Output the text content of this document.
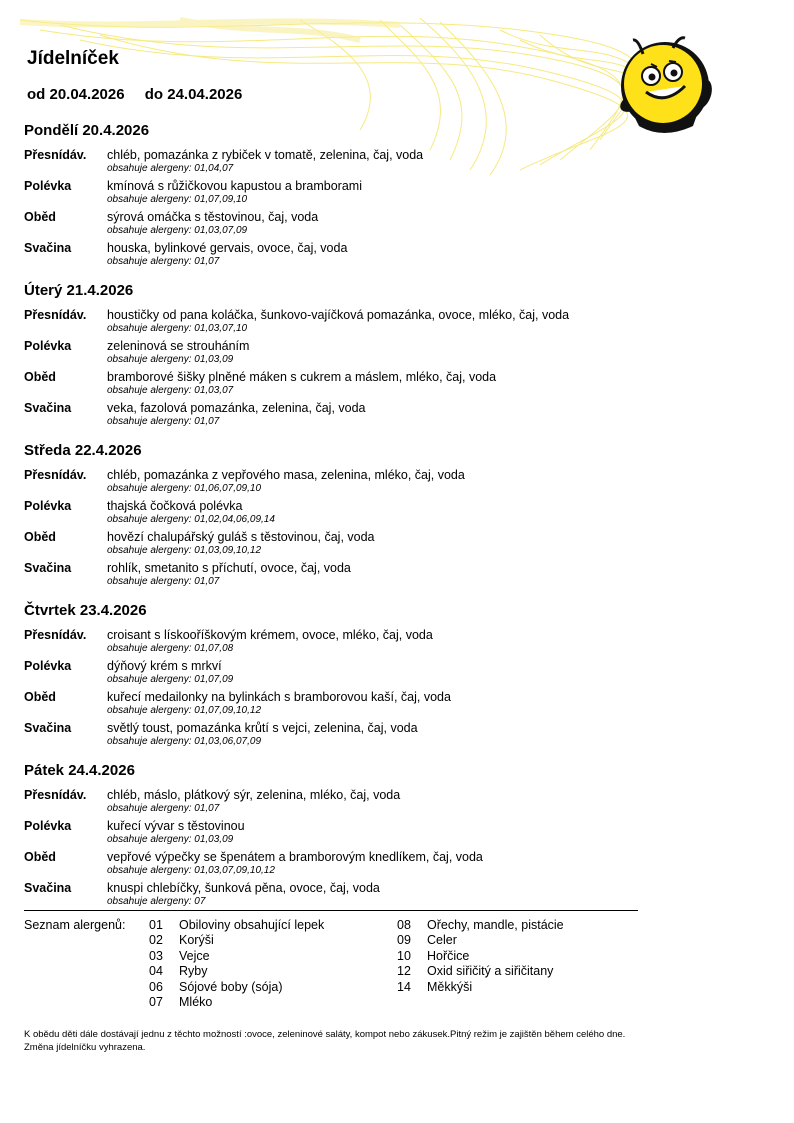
Jídelníček
od 20.04.2026 do 24.04.2026
Pondělí 20.4.2026
Přesnídáv. chléb, pomazánka z rybiček v tomatě, zelenina, čaj, voda
obsahuje alergeny: 01,04,07
Polévka	kmínová s růžičkovou kapustou a bramborami
obsahuje alergeny: 01,07,09,10
Oběd	sýrová omáčka s těstovinou, čaj, voda
obsahuje alergeny: 01,03,07,09
Svačina	houska, bylinkové gervais, ovoce, čaj, voda
obsahuje alergeny: 01,07
Úterý 21.4.2026
Přesnídáv. houstičky od pana koláčka, šunkovo-vajíčková pomazánka, ovoce, mléko, čaj, voda
obsahuje alergeny: 01,03,07,10
Polévka	zeleninová se strouháním
obsahuje alergeny: 01,03,09
Oběd	bramborové šišky plněné máken s cukrem a máslem, mléko, čaj, voda
obsahuje alergeny: 01,03,07
Svačina	veka, fazolová pomazánka, zelenina, čaj, voda
obsahuje alergeny: 01,07
Středa 22.4.2026
Přesnídáv. chléb, pomazánka z vepřového masa, zelenina, mléko, čaj, voda
obsahuje alergeny: 01,06,07,09,10
Polévka	thajská čočková polévka
obsahuje alergeny: 01,02,04,06,09,14
Oběd	hovězí chalupářský guláš s těstovinou, čaj, voda
obsahuje alergeny: 01,03,09,10,12
Svačina	rohlík, smetanito s příchutí, ovoce, čaj, voda
obsahuje alergeny: 01,07
Čtvrtek 23.4.2026
Přesnídáv. croisant s lískooříškovým krémem, ovoce, mléko, čaj, voda
obsahuje alergeny: 01,07,08
Polévka	dýňový krém s mrkví
obsahuje alergeny: 01,07,09
Oběd	kuřecí medailonky na bylinkách s bramborovou kaší, čaj, voda
obsahuje alergeny: 01,07,09,10,12
Svačina	světlý toust, pomazánka krůtí s vejci, zelenina, čaj, voda
obsahuje alergeny: 01,03,06,07,09
Pátek 24.4.2026
Přesnídáv. chléb, máslo, plátkový sýr, zelenina, mléko, čaj, voda
obsahuje alergeny: 01,07
Polévka	kuřecí vývar s těstovinou
obsahuje alergeny: 01,03,09
Oběd	vepřové výpečky se špenátem a bramborovým knedlíkem, čaj, voda
obsahuje alergeny: 01,03,07,09,10,12
Svačina	knuspi chlebíčky, šunková pěna, ovoce, čaj, voda
obsahuje alergeny: 07
Seznam alergenů: 01 Obiloviny obsahující lepek
02 Korýši
03 Vejce
04 Ryby
06 Sójové boby (sója)
07 Mléko
08 Ořechy, mandle, pistácie
09 Celer
10 Hořčice
12 Oxid siřičitý a siřičitany
14 Měkkýši
K obědu děti dále dostávají jednu z těchto možností :ovoce, zeleninové saláty, kompot nebo zákusek.Pitný režim je zajištěn během celého dne.
Změna jídelníčku vyhrazena.
